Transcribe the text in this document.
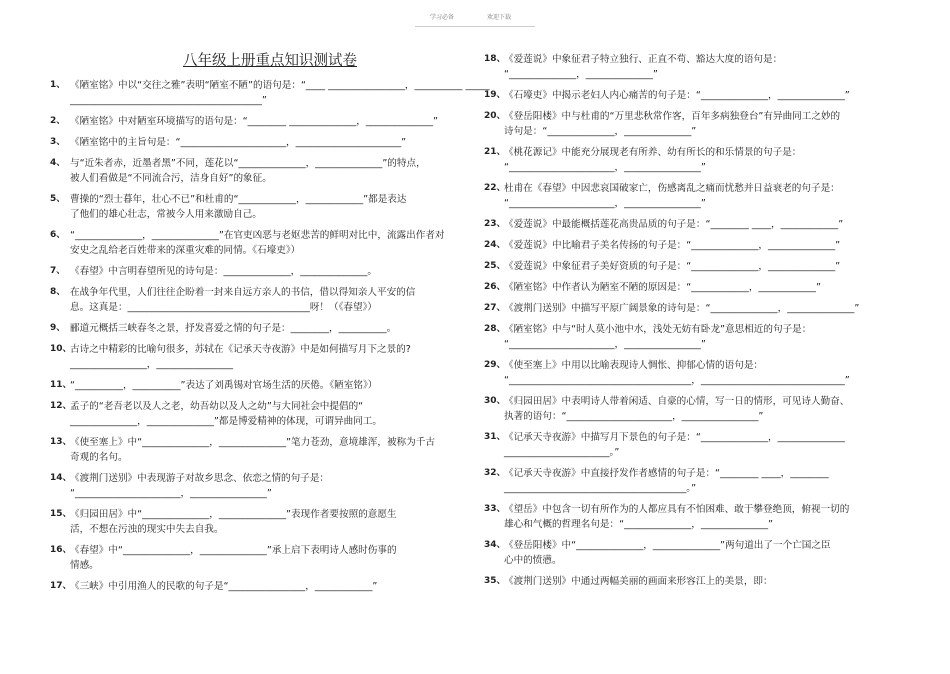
学习必备	欢迎下载
八年级上册重点知识测试卷
1、 《陋室铭》中以“交往之雅”表明“陋室不陋”的语句是：“____ ________________，__________ _____
________________________________________”
2、 《陋室铭》中对陋室环境描写的语句是：“________ ______________，______________”
3、 《陋室铭中的主旨句是：“______________________，______________________”
4、 与“近朱者赤，近墨者黑”不同，莲花以“______________，______________”的特点，
被人们看做是“不同流合污，洁身自好”的象征。
5、 曹操的“烈士暮年，壮心不已”和杜甫的“____________，____________”都是表达
了他们的雄心壮志，常被今人用来激励自己。
6、 “______________，______________”在官吏凶恶与老妪悲苦的鲜明对比中，流露出作者对
安史之乱给老百姓带来的深重灾难的同情。《石壕吏》）
7、 《春望》中言明春望所见的诗句是：______________，______________。
8、 在战争年代里，人们往往企盼着一封来自远方亲人的书信，借以得知亲人平安的信
息。这真是：______________________________________呀！（《春望》）
9、 郦道元概括三峡春冬之景，抒发喜爱之情的句子是：________，__________。
10、
古诗之中精彩的比喻句很多，苏轼在《记承天寺夜游》中是如何描写月下之景的?
________________，________________
11、
“__________，__________”表达了刘禹锡对官场生活的厌倦。《陋室铭》）
12、
孟子的“老吾老以及人之老，幼吾幼以及人之幼”与大同社会中提倡的“
______________，______________”都是博爱精神的体现，可谓异曲同工。
13、
《使至塞上》中“______________，______________”笔力苍劲，意境雄浑，被称为千古
奇观的名句。
14、
《渡荆门送别》中表现游子对故乡思念、依恋之情的句子是：
“______________________，________________”
15、
《归园田居》中“______________，______________”表现作者要按照的意愿生
活，不想在污浊的现实中失去自我。
16、
《春望》中“______________，______________”承上启下表明诗人感时伤事的
情感。
17、
《三峡》中引用渔人的民歌的句子是“________________，____________”
18、
《爱莲说》中象征君子特立独行、正直不苟、豁达大度的语句是：
“______________，______________”
19、
《石壕吏》中揭示老妇人内心痛苦的句子是：“______________，______________”
20、
《登岳阳楼》中与杜甫的“万里悲秋常作客，百年多病独登台”有异曲同工之妙的
诗句是：“______________，______________”
21、
《桃花源记》中能充分展现老有所养、幼有所长的和乐情景的句子是：
“______________________，________________”
22、
杜甫在《春望》中因悲哀国破家亡，伤感离乱之痛而忧愁并日益衰老的句子是：
“______________________，________________”
23、
《爱莲说》中最能概括莲花高贵品质的句子是：“________ ____，____________”
24、
《爱莲说》中比喻君子美名传扬的句子是：“______________，______________”
25、
《爱莲说》中象征君子美好资质的句子是：“______________，______________”
26、
《陋室铭》中作者认为陋室不陋的原因是：“____________，____________”
27、
《渡荆门送别》中描写平原广阔景象的诗句是：“______________，______________”
28、
《陋室铭》中与“时人莫小池中水，浅处无妨有卧龙”意思相近的句子是：
“______________________，________________”
29、
《使至塞上》中用以比喻表现诗人惆怅、抑郁心情的语句是：
“______________________________________，______________________________”
30、
《归园田居》中表明诗人带着闲适、自豪的心情，写一日的情形，可见诗人勤奋、
执著的语句：“______________________，________________”
31、
《记承天寺夜游》中描写月下景色的句子是：“______________，______________
______________________。”
32、
《记承天寺夜游》中直接抒发作者感情的句子是：“________ ____，________
______________________________________。”
33、
《望岳》中包含一切有所作为的人都应具有不怕困难、敢于攀登绝顶，俯视一切的
雄心和气概的哲理名句是：“______________，______________”
34、
《登岳阳楼》中“______________，______________”两句道出了一个亡国之臣
心中的愤懑。
35、
《渡荆门送别》中通过两幅美丽的画面来形容江上的美景，即：
